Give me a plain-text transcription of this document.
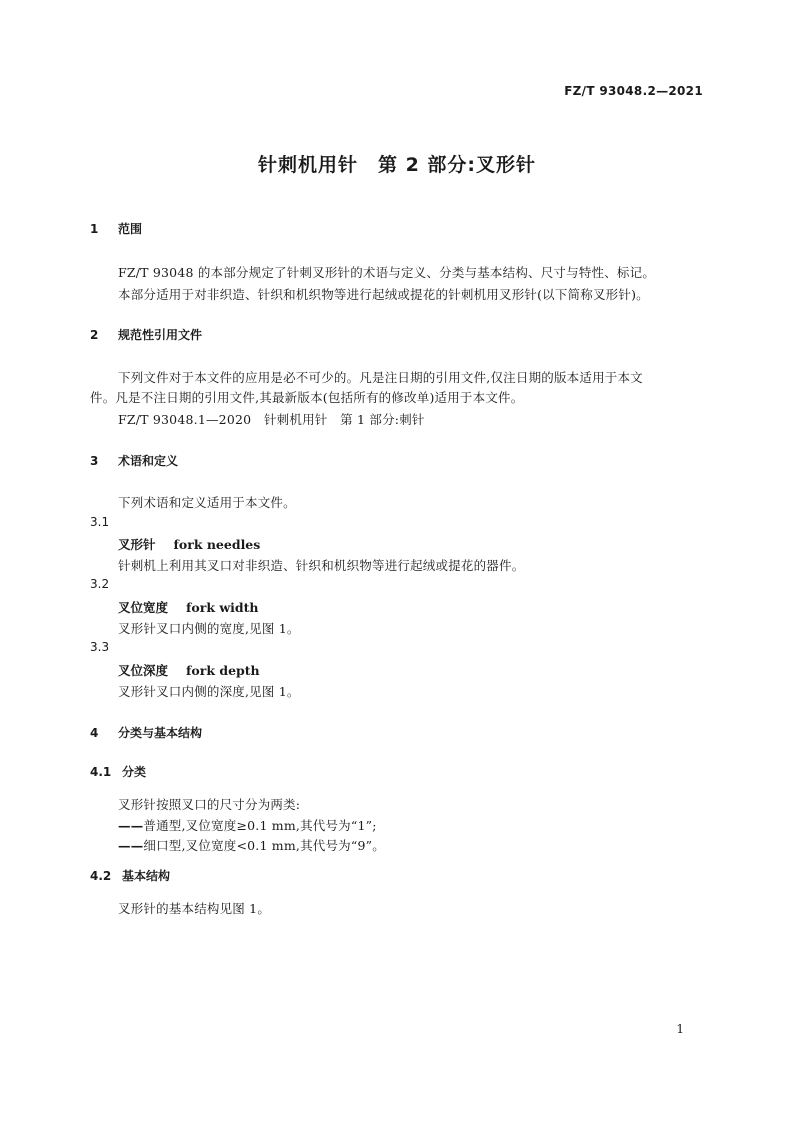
FZ/T 93048.2—2021
针刺机用针　第 2 部分:叉形针
1 范围
FZ/T 93048 的本部分规定了针刺叉形针的术语与定义、分类与基本结构、尺寸与特性、标记。
本部分适用于对非织造、针织和机织物等进行起绒或提花的针刺机用叉形针(以下简称叉形针)。
2 规范性引用文件
下列文件对于本文件的应用是必不可少的。凡是注日期的引用文件,仅注日期的版本适用于本文
件。凡是不注日期的引用文件,其最新版本(包括所有的修改单)适用于本文件。
FZ/T 93048.1—2020　针刺机用针　第 1 部分:刺针
3 术语和定义
下列术语和定义适用于本文件。
3.1
叉形针 fork needles
针刺机上利用其叉口对非织造、针织和机织物等进行起绒或提花的器件。
3.2
叉位宽度 fork width
叉形针叉口内侧的宽度,见图 1。
3.3
叉位深度 fork depth
叉形针叉口内侧的深度,见图 1。
4 分类与基本结构
4.1 分类
叉形针按照叉口的尺寸分为两类:
——普通型,叉位宽度≥0.1 mm,其代号为“1”;
——细口型,叉位宽度<0.1 mm,其代号为“9”。
4.2 基本结构
叉形针的基本结构见图 1。
1
